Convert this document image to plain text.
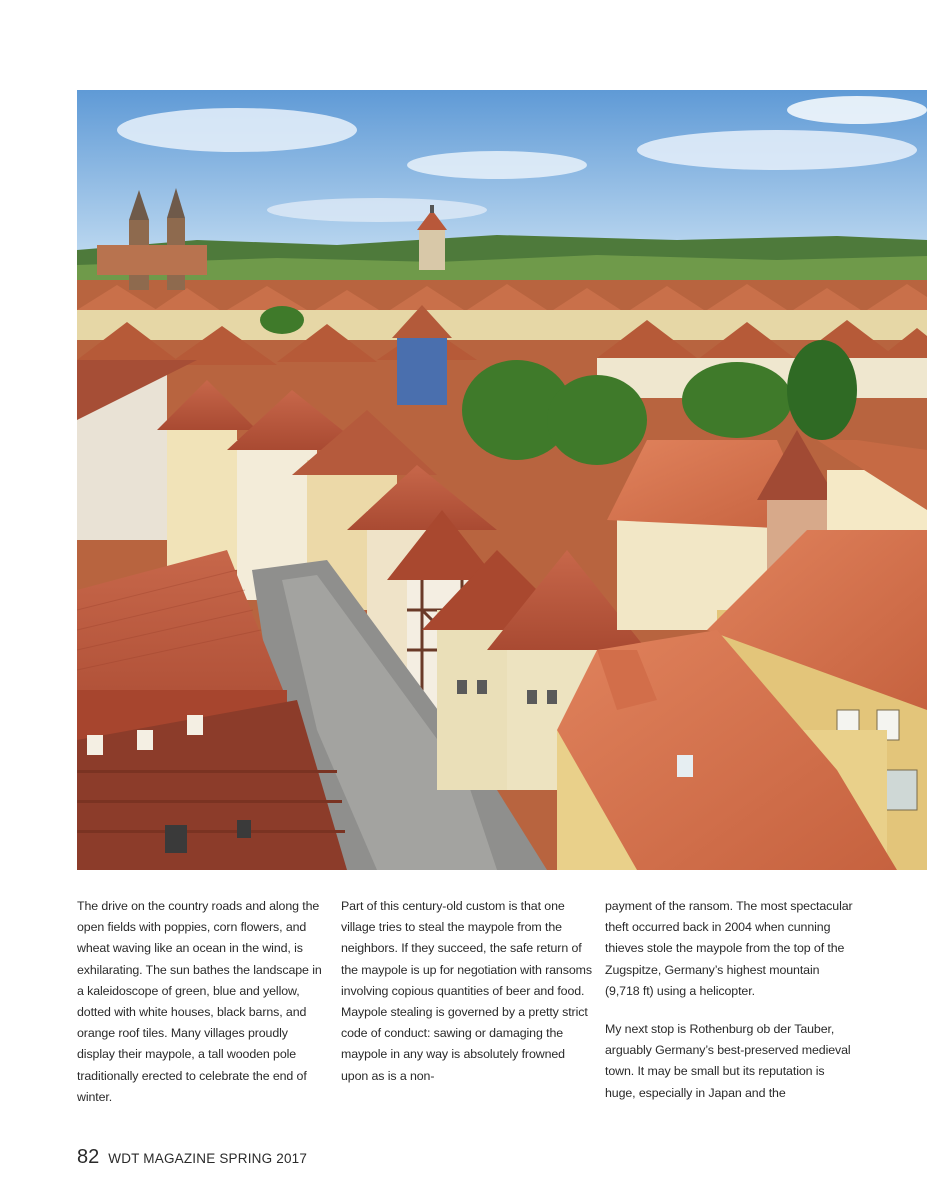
The drive on the country roads and along the open fields with poppies, corn flowers, and wheat waving like an ocean in the wind, is exhilarating. The sun bathes the landscape in a kaleidoscope of green, blue and yellow, dotted with white houses, black barns, and orange roof tiles. Many villages proudly display their maypole, a tall wooden pole traditionally erected to celebrate the end of winter.

Part of this century-old custom is that one village tries to steal the maypole from the neighbors. If they succeed, the safe return of the maypole is up for negotiation with ransoms involving copious quantities of beer and food. Maypole stealing is governed by a pretty strict code of conduct: sawing or damaging the maypole in any way is absolutely frowned upon as is a non-

payment of the ransom. The most spectacular theft occurred back in 2004 when cunning thieves stole the maypole from the top of the Zugspitze, Germany’s highest mountain (9,718 ft) using a helicopter.

My next stop is Rothenburg ob der Tauber, arguably Germany’s best-preserved medieval town. It may be small but its reputation is huge, especially in Japan and the

82 WDT MAGAZINE SPRING 2017
